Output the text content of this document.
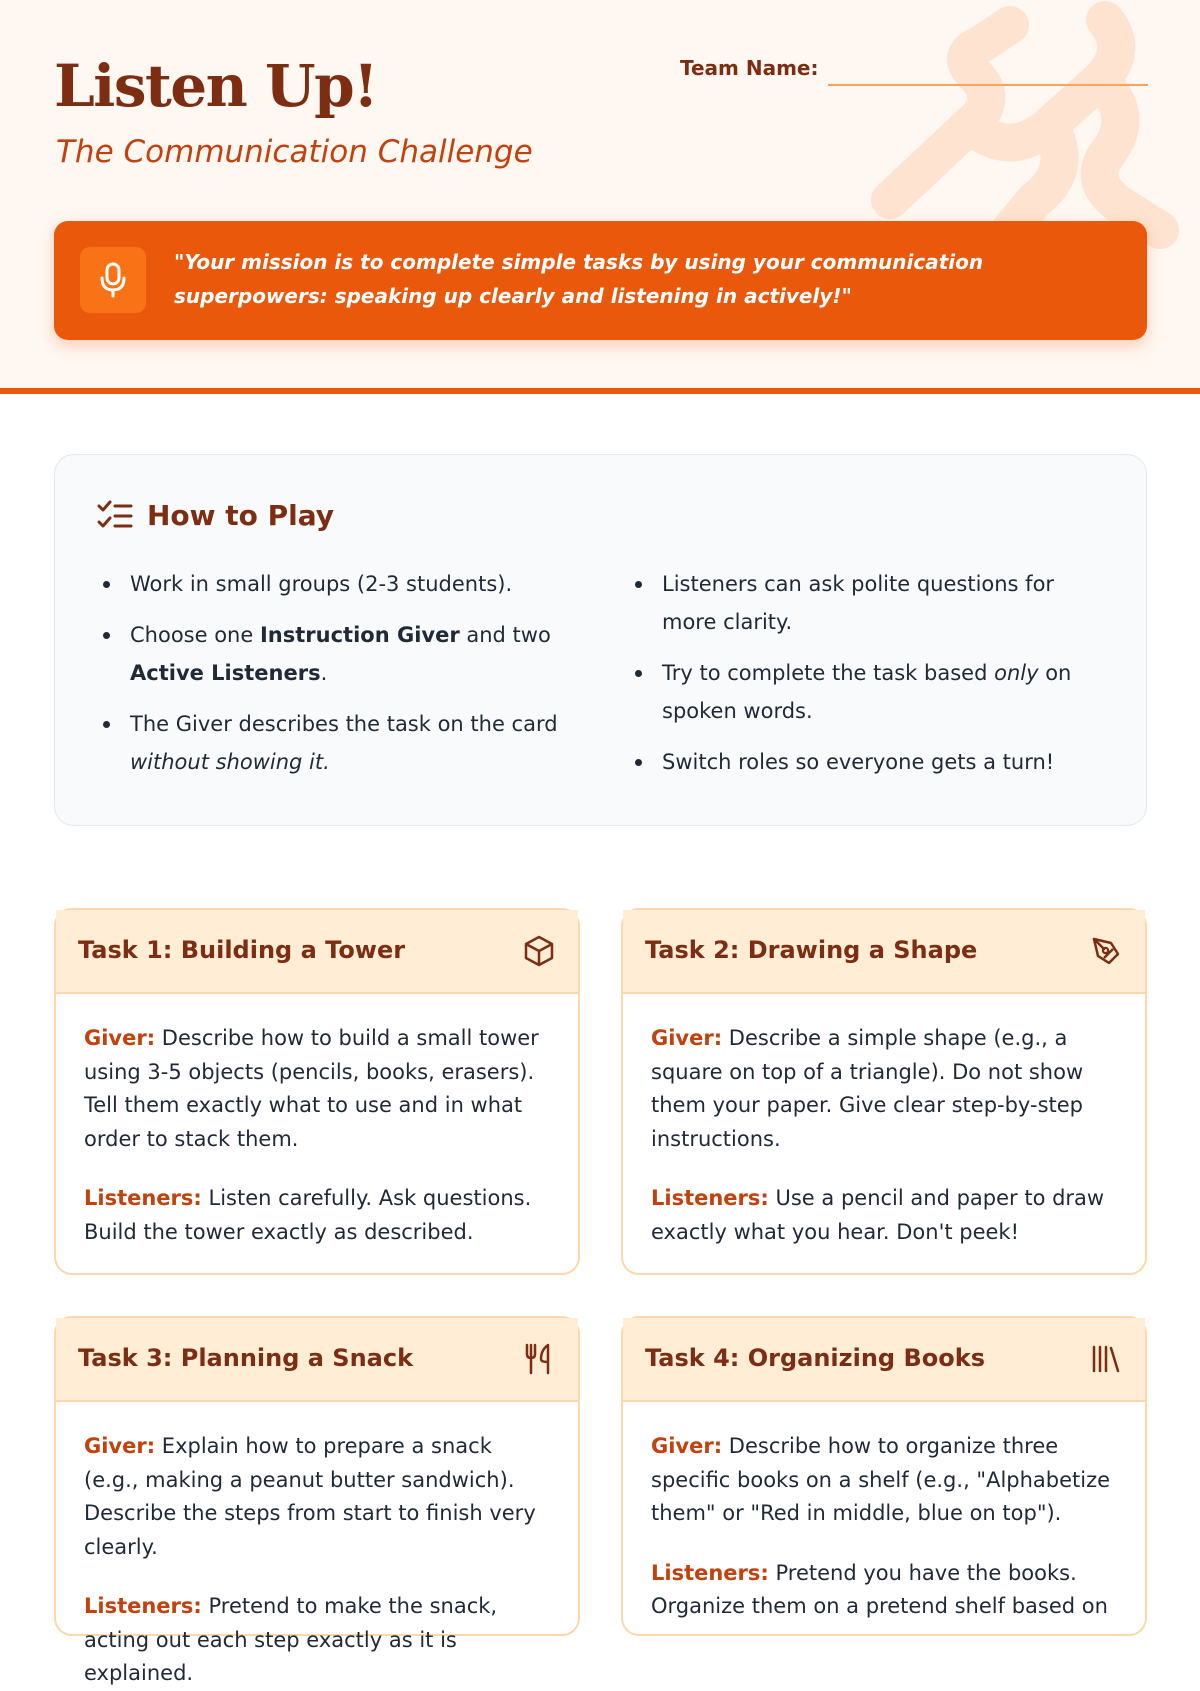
Listen Up!
The Communication Challenge
Team Name:
"Your mission is to complete simple tasks by using your communication superpowers: speaking up clearly and listening in actively!"
How to Play
Work in small groups (2-3 students).
Choose one Instruction Giver and two
Active Listeners.
The Giver describes the task on the card
without showing it.
Listeners can ask polite questions for more clarity.
Try to complete the task based only on spoken words.
Switch roles so everyone gets a turn!
Task 1: Building a Tower

Giver: Describe how to build a small tower using 3-5 objects (pencils, books, erasers). Tell them exactly what to use and in what order to stack them.

Listeners: Listen carefully. Ask questions. Build the tower exactly as described.

Task 2: Drawing a Shape

Giver: Describe a simple shape (e.g., a square on top of a triangle). Do not show them your paper. Give clear step-by-step instructions.

Listeners: Use a pencil and paper to draw exactly what you hear. Don't peek!

Task 3: Planning a Snack

Giver: Explain how to prepare a snack (e.g., making a peanut butter sandwich). Describe the steps from start to finish very clearly.

Listeners: Pretend to make the snack, acting out each step exactly as it is explained.

Task 4: Organizing Books

Giver: Describe how to organize three specific books on a shelf (e.g., "Alphabetize them" or "Red in middle, blue on top").

Listeners: Pretend you have the books. Organize them on a pretend shelf based on
